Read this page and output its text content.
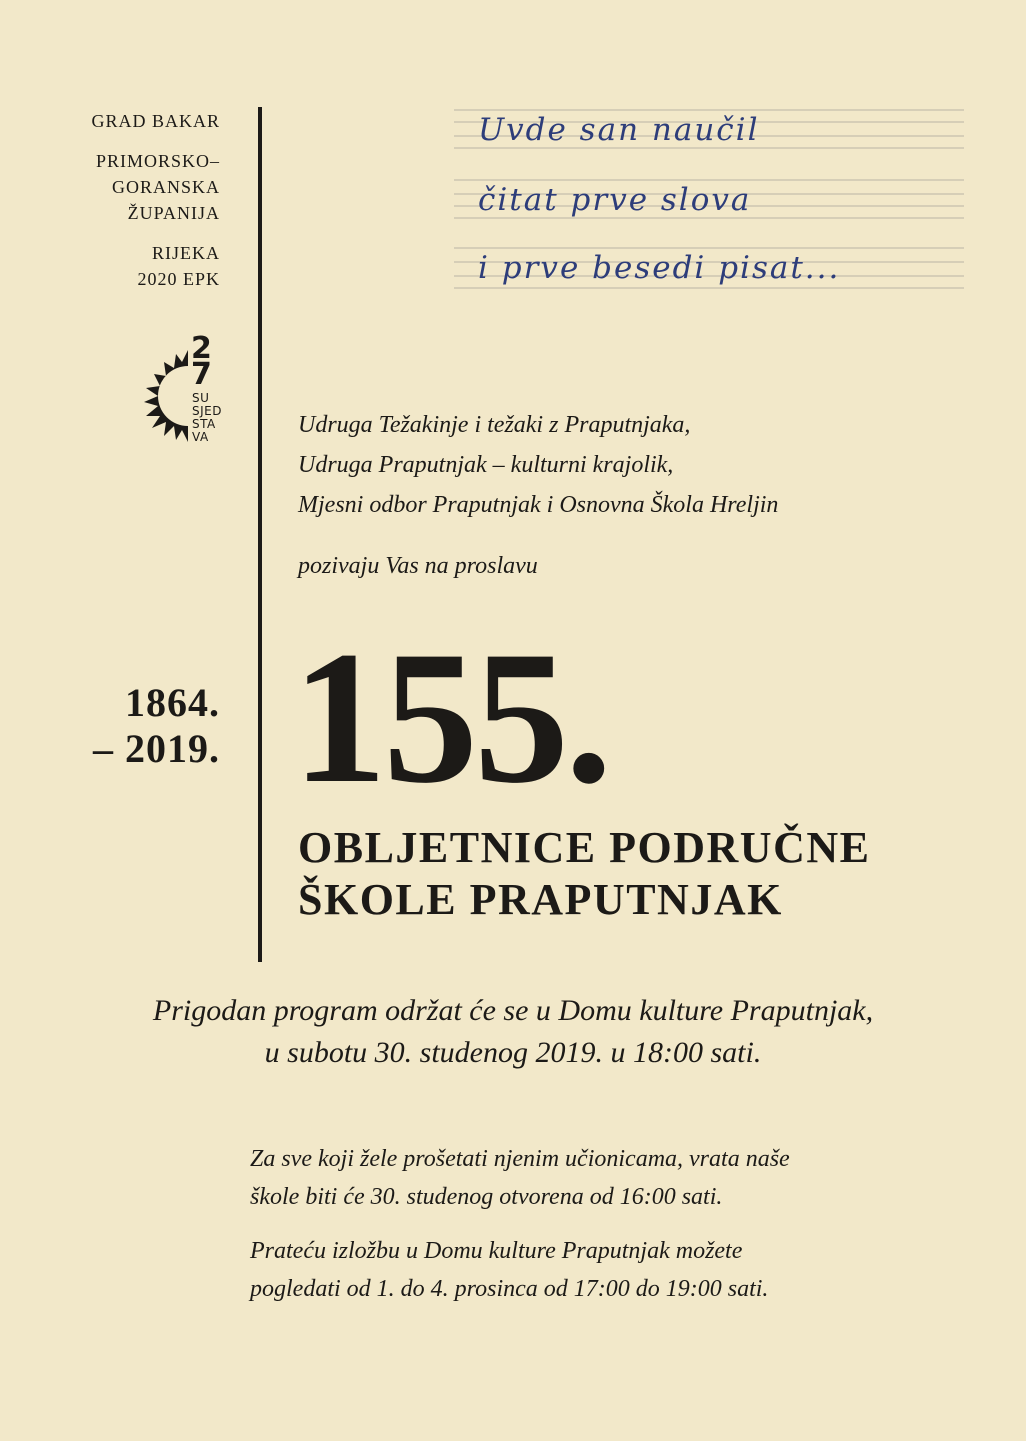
GRAD BAKAR
PRIMORSKO–
GORANSKA
ŽUPANIJA
RIJEKA
2020 EPK
2
7
SU
SJED
STA
VA
Uvde san naučil
čitat prve slova
i prve besedi pisat...
Udruga Težakinje i težaki z Praputnjaka,
Udruga Praputnjak – kulturni krajolik,
Mjesni odbor Praputnjak i Osnovna Škola Hreljin
pozivaju Vas na proslavu
1864.
– 2019. 155.
OBLJETNICE PODRUČNE
ŠKOLE PRAPUTNJAK
Prigodan program održat će se u Domu kulture Praputnjak,
u subotu 30. studenog 2019. u 18:00 sati.

Za sve koji žele prošetati njenim učionicama, vrata naše
škole biti će 30. studenog otvorena od 16:00 sati.

Prateću izložbu u Domu kulture Praputnjak možete
pogledati od 1. do 4. prosinca od 17:00 do 19:00 sati.
